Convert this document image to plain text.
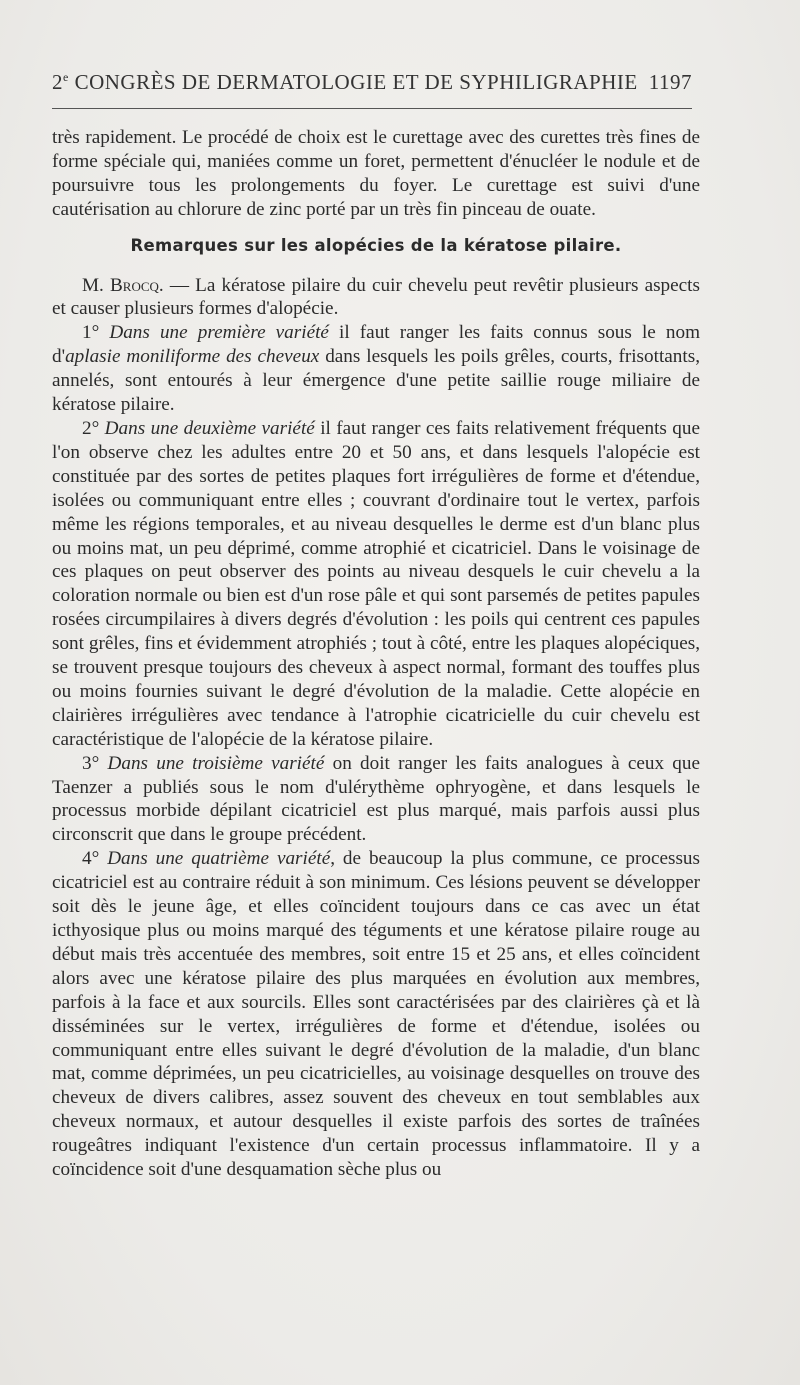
2e CONGRÈS DE DERMATOLOGIE ET DE SYPHILIGRAPHIE 1197

très rapidement. Le procédé de choix est le curettage avec des curettes très fines de forme spéciale qui, maniées comme un foret, permettent d'énucléer le nodule et de poursuivre tous les prolongements du foyer. Le curettage est suivi d'une cautérisation au chlorure de zinc porté par un très fin pinceau de ouate.

Remarques sur les alopécies de la kératose pilaire.

M. Brocq. — La kératose pilaire du cuir chevelu peut revêtir plusieurs aspects et causer plusieurs formes d'alopécie.

1° Dans une première variété il faut ranger les faits connus sous le nom d'aplasie moniliforme des cheveux dans lesquels les poils grêles, courts, frisottants, annelés, sont entourés à leur émergence d'une petite saillie rouge miliaire de kératose pilaire.

2° Dans une deuxième variété il faut ranger ces faits relativement fréquents que l'on observe chez les adultes entre 20 et 50 ans, et dans lesquels l'alopécie est constituée par des sortes de petites plaques fort irrégulières de forme et d'étendue, isolées ou communiquant entre elles ; couvrant d'ordinaire tout le vertex, parfois même les régions temporales, et au niveau desquelles le derme est d'un blanc plus ou moins mat, un peu déprimé, comme atrophié et cicatriciel. Dans le voisinage de ces plaques on peut observer des points au niveau desquels le cuir chevelu a la coloration normale ou bien est d'un rose pâle et qui sont parsemés de petites papules rosées circumpilaires à divers degrés d'évolution : les poils qui centrent ces papules sont grêles, fins et évidemment atrophiés ; tout à côté, entre les plaques alopéciques, se trouvent presque toujours des cheveux à aspect normal, formant des touffes plus ou moins fournies suivant le degré d'évolution de la maladie. Cette alopécie en clairières irrégulières avec tendance à l'atrophie cicatricielle du cuir chevelu est caractéristique de l'alopécie de la kératose pilaire.

3° Dans une troisième variété on doit ranger les faits analogues à ceux que Taenzer a publiés sous le nom d'ulérythème ophryogène, et dans lesquels le processus morbide dépilant cicatriciel est plus marqué, mais parfois aussi plus circonscrit que dans le groupe précédent.

4° Dans une quatrième variété, de beaucoup la plus commune, ce processus cicatriciel est au contraire réduit à son minimum. Ces lésions peuvent se développer soit dès le jeune âge, et elles coïncident toujours dans ce cas avec un état icthyosique plus ou moins marqué des téguments et une kératose pilaire rouge au début mais très accentuée des membres, soit entre 15 et 25 ans, et elles coïncident alors avec une kératose pilaire des plus marquées en évolution aux membres, parfois à la face et aux sourcils. Elles sont caractérisées par des clairières çà et là disséminées sur le vertex, irrégulières de forme et d'étendue, isolées ou communiquant entre elles suivant le degré d'évolution de la maladie, d'un blanc mat, comme déprimées, un peu cicatricielles, au voisinage desquelles on trouve des cheveux de divers calibres, assez souvent des cheveux en tout semblables aux cheveux normaux, et autour desquelles il existe parfois des sortes de traînées rougeâtres indiquant l'existence d'un certain processus inflammatoire. Il y a coïncidence soit d'une desquamation sèche plus ou
